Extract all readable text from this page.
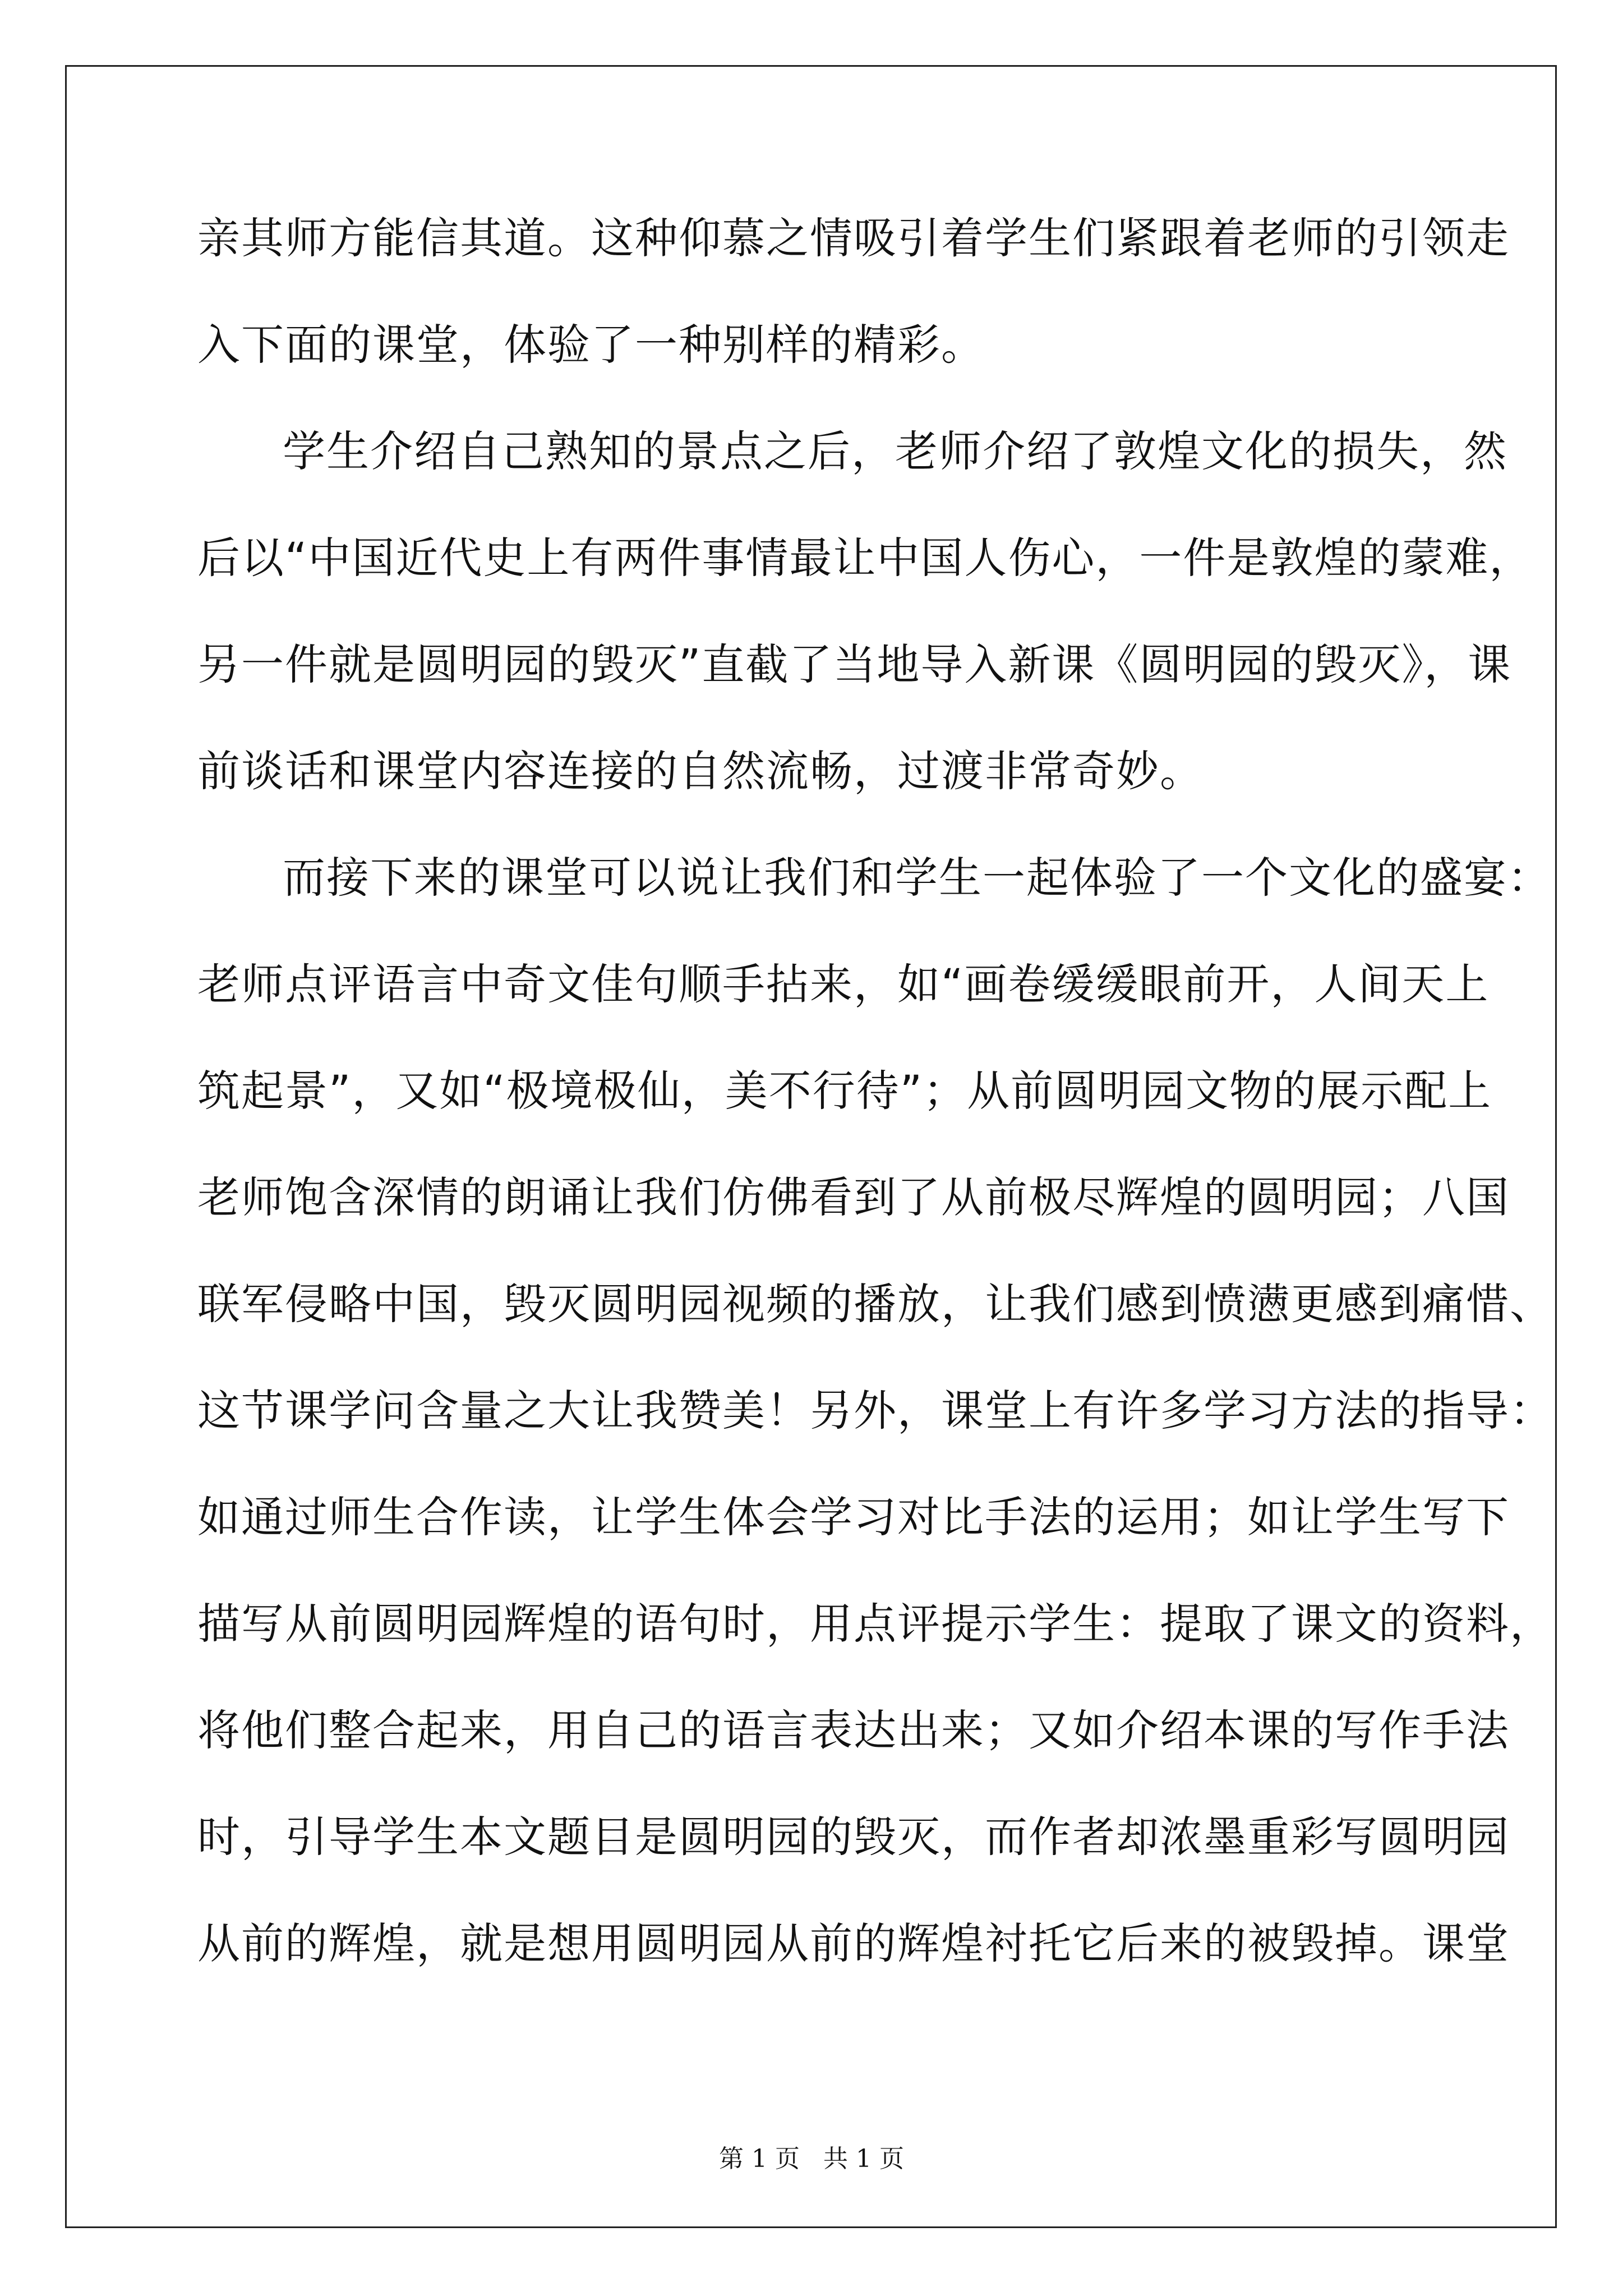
亲其师方能信其道。这种仰慕之情吸引着学生们紧跟着老师的引领走
入下面的课堂，体验了一种别样的精彩。
学生介绍自己熟知的景点之后，老师介绍了敦煌文化的损失，然
后以“中国近代史上有两件事情最让中国人伤心，一件是敦煌的蒙难，
另一件就是圆明园的毁灭”直截了当地导入新课《圆明园的毁灭》，课
前谈话和课堂内容连接的自然流畅，过渡非常奇妙。
而接下来的课堂可以说让我们和学生一起体验了一个文化的盛宴：
老师点评语言中奇文佳句顺手拈来，如“画卷缓缓眼前开，人间天上
筑起景”，又如“极境极仙，美不行待”；从前圆明园文物的展示配上
老师饱含深情的朗诵让我们仿佛看到了从前极尽辉煌的圆明园；八国
联军侵略中国，毁灭圆明园视频的播放，让我们感到愤懑更感到痛惜、
这节课学问含量之大让我赞美！另外，课堂上有许多学习方法的指导：
如通过师生合作读，让学生体会学习对比手法的运用；如让学生写下
描写从前圆明园辉煌的语句时，用点评提示学生：提取了课文的资料，
将他们整合起来，用自己的语言表达出来；又如介绍本课的写作手法
时，引导学生本文题目是圆明园的毁灭，而作者却浓墨重彩写圆明园
从前的辉煌，就是想用圆明园从前的辉煌衬托它后来的被毁掉。课堂
第 1 页   共 1 页
